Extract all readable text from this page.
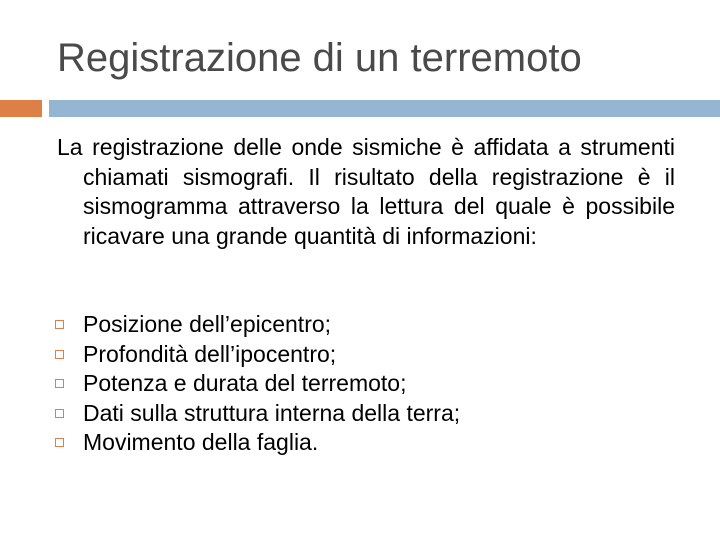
Registrazione di un terremoto

La registrazione delle onde sismiche è affidata a strumenti chiamati sismografi. Il risultato della registrazione è il sismogramma attraverso la lettura del quale è possibile ricavare una grande quantità di informazioni:

Posizione dell’epicentro;
Profondità dell’ipocentro;
Potenza e durata del terremoto;
Dati sulla struttura interna della terra;
Movimento della faglia.
